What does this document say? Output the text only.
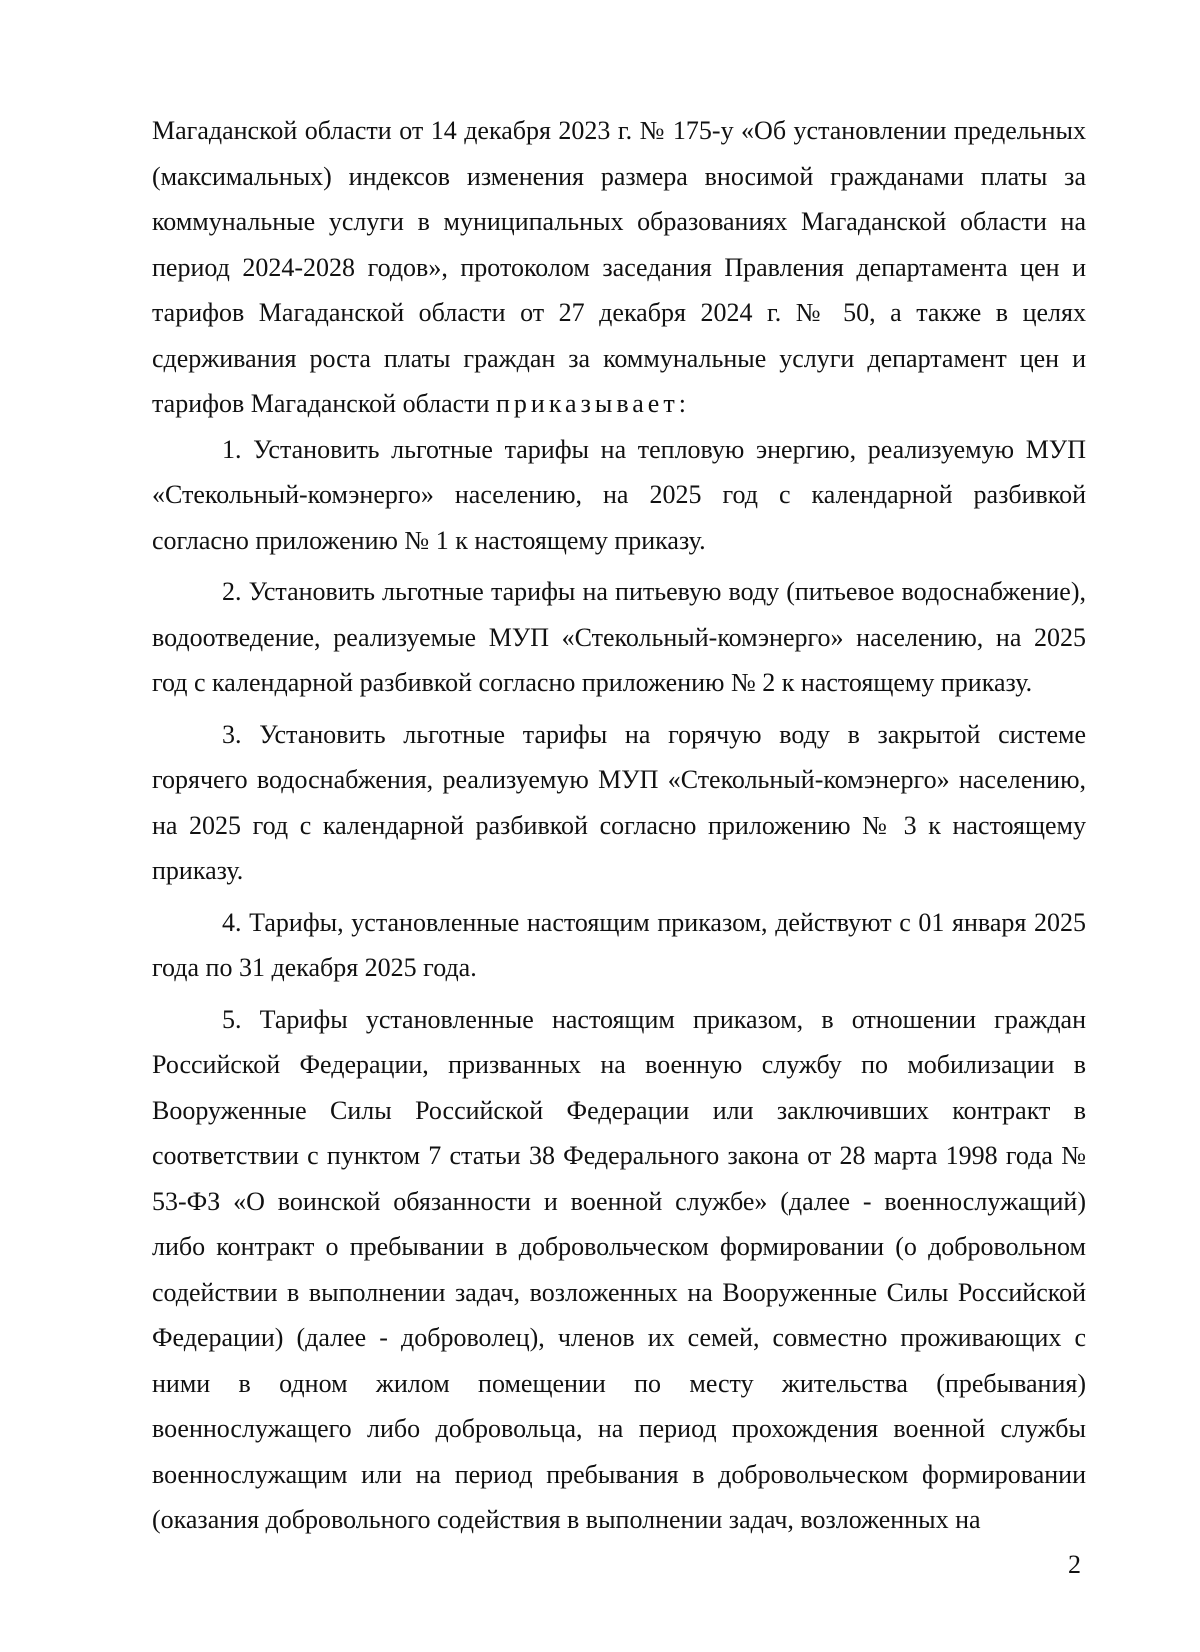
Магаданской области от 14 декабря 2023 г. № 175-у «Об установлении предельных (максимальных) индексов изменения размера вносимой гражданами платы за коммунальные услуги в муниципальных образованиях Магаданской области на период 2024-2028 годов», протоколом заседания Правления департамента цен и тарифов Магаданской области от 27 декабря 2024 г. № 50, а также в целях сдерживания роста платы граждан за коммунальные услуги департамент цен и тарифов Магаданской области приказывает:

1. Установить льготные тарифы на тепловую энергию, реализуемую МУП «Стекольный-комэнерго» населению, на 2025 год с календарной разбивкой согласно приложению № 1 к настоящему приказу.

2. Установить льготные тарифы на питьевую воду (питьевое водоснабжение), водоотведение, реализуемые МУП «Стекольный-комэнерго» населению, на 2025 год с календарной разбивкой согласно приложению № 2 к настоящему приказу.

3. Установить льготные тарифы на горячую воду в закрытой системе горячего водоснабжения, реализуемую МУП «Стекольный-комэнерго» населению, на 2025 год с календарной разбивкой согласно приложению № 3 к настоящему приказу.

4. Тарифы, установленные настоящим приказом, действуют с 01 января 2025 года по 31 декабря 2025 года.

5. Тарифы установленные настоящим приказом, в отношении граждан Российской Федерации, призванных на военную службу по мобилизации в Вооруженные Силы Российской Федерации или заключивших контракт в соответствии с пунктом 7 статьи 38 Федерального закона от 28 марта 1998 года № 53-ФЗ «О воинской обязанности и военной службе» (далее - военнослужащий) либо контракт о пребывании в добровольческом формировании (о добровольном содействии в выполнении задач, возложенных на Вооруженные Силы Российской Федерации) (далее - доброволец), членов их семей, совместно проживающих с ними в одном жилом помещении по месту жительства (пребывания) военнослужащего либо добровольца, на период прохождения военной службы военнослужащим или на период пребывания в добровольческом формировании (оказания добровольного содействия в выполнении задач, возложенных на

2
